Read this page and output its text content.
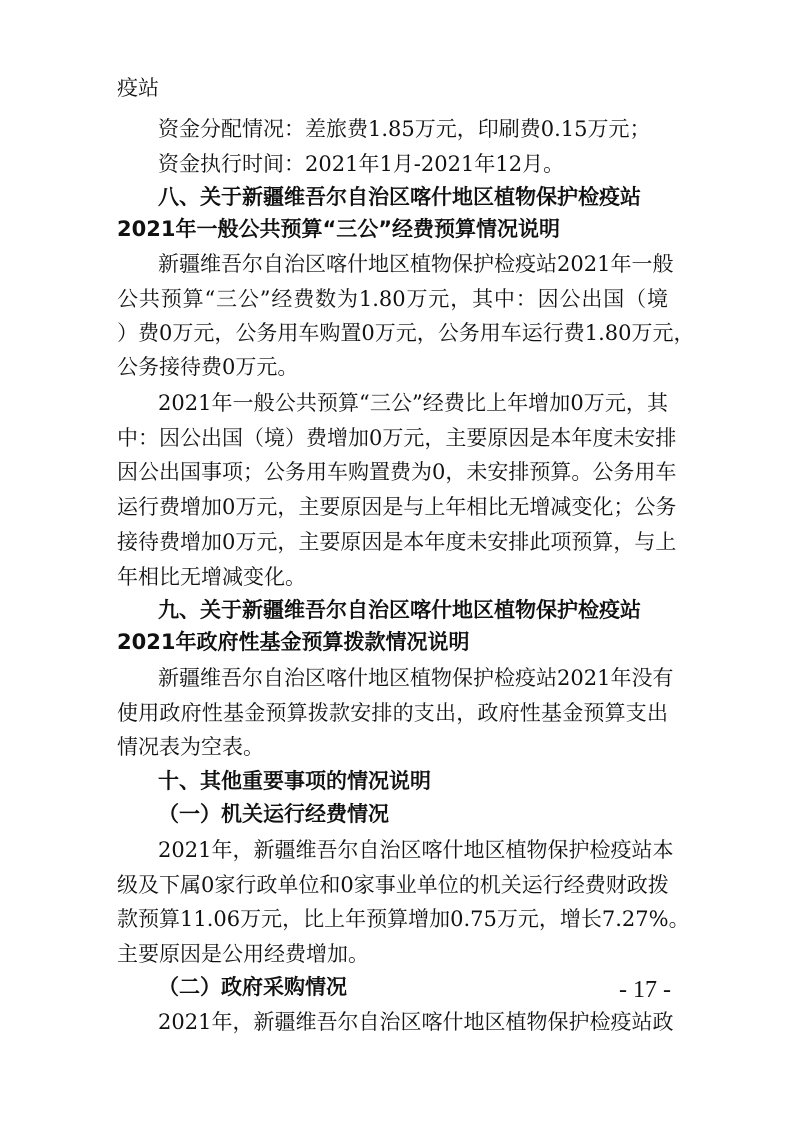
疫站

资金分配情况：差旅费1.85万元，印刷费0.15万元；

资金执行时间：2021年1月-2021年12月。

八、关于新疆维吾尔自治区喀什地区植物保护检疫站

2021年一般公共预算“三公”经费预算情况说明

新疆维吾尔自治区喀什地区植物保护检疫站2021年一般

公共预算“三公”经费数为1.80万元，其中：因公出国（境

）费0万元，公务用车购置0万元，公务用车运行费1.80万元，

公务接待费0万元。

2021年一般公共预算“三公”经费比上年增加0万元，其

中：因公出国（境）费增加0万元，主要原因是本年度未安排

因公出国事项；公务用车购置费为0，未安排预算。公务用车

运行费增加0万元，主要原因是与上年相比无增减变化；公务

接待费增加0万元，主要原因是本年度未安排此项预算，与上

年相比无增减变化。

九、关于新疆维吾尔自治区喀什地区植物保护检疫站

2021年政府性基金预算拨款情况说明

新疆维吾尔自治区喀什地区植物保护检疫站2021年没有

使用政府性基金预算拨款安排的支出，政府性基金预算支出

情况表为空表。

十、其他重要事项的情况说明

（一）机关运行经费情况

2021年，新疆维吾尔自治区喀什地区植物保护检疫站本

级及下属0家行政单位和0家事业单位的机关运行经费财政拨

款预算11.06万元，比上年预算增加0.75万元，增长7.27%。

主要原因是公用经费增加。

（二）政府采购情况

2021年，新疆维吾尔自治区喀什地区植物保护检疫站政

- 17 -
